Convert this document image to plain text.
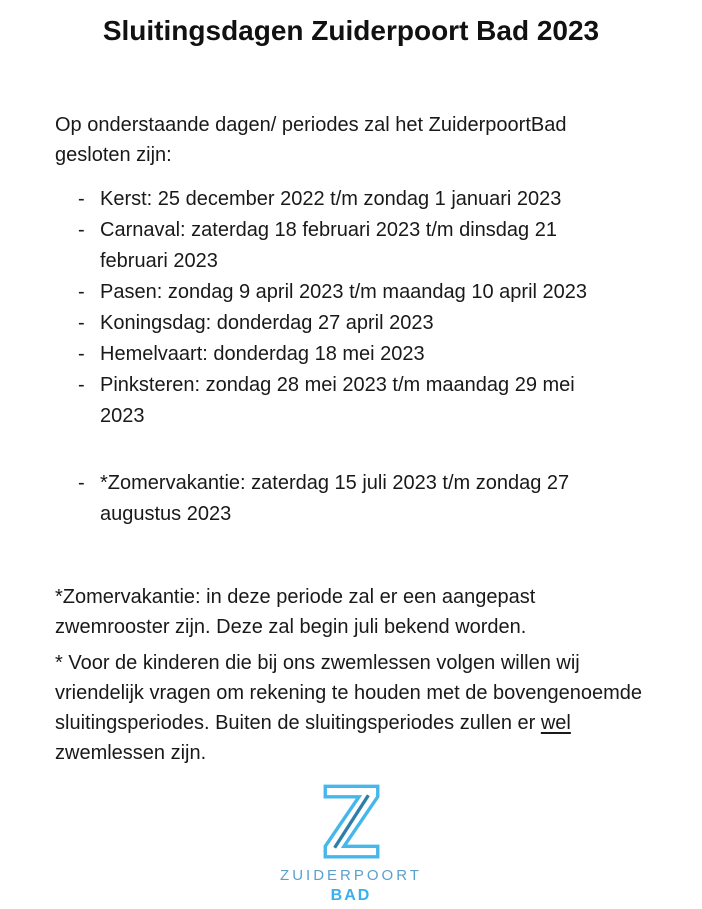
Sluitingsdagen Zuiderpoort Bad 2023

Op onderstaande dagen/ periodes zal het ZuiderpoortBad gesloten zijn:

- Kerst: 25 december 2022 t/m zondag 1 januari 2023
- Carnaval: zaterdag 18 februari 2023 t/m dinsdag 21 februari 2023
- Pasen: zondag 9 april 2023 t/m maandag 10 april 2023
- Koningsdag: donderdag 27 april 2023
- Hemelvaart: donderdag 18 mei 2023
- Pinksteren: zondag 28 mei 2023 t/m maandag 29 mei 2023
- *Zomervakantie: zaterdag 15 juli 2023 t/m zondag 27 augustus 2023

*Zomervakantie: in deze periode zal er een aangepast zwemrooster zijn. Deze zal begin juli bekend worden.

* Voor de kinderen die bij ons zwemlessen volgen willen wij vriendelijk vragen om rekening te houden met de bovengenoemde sluitingsperiodes. Buiten de sluitingsperiodes zullen er wel zwemlessen zijn.

ZUIDERPOORT
BAD
